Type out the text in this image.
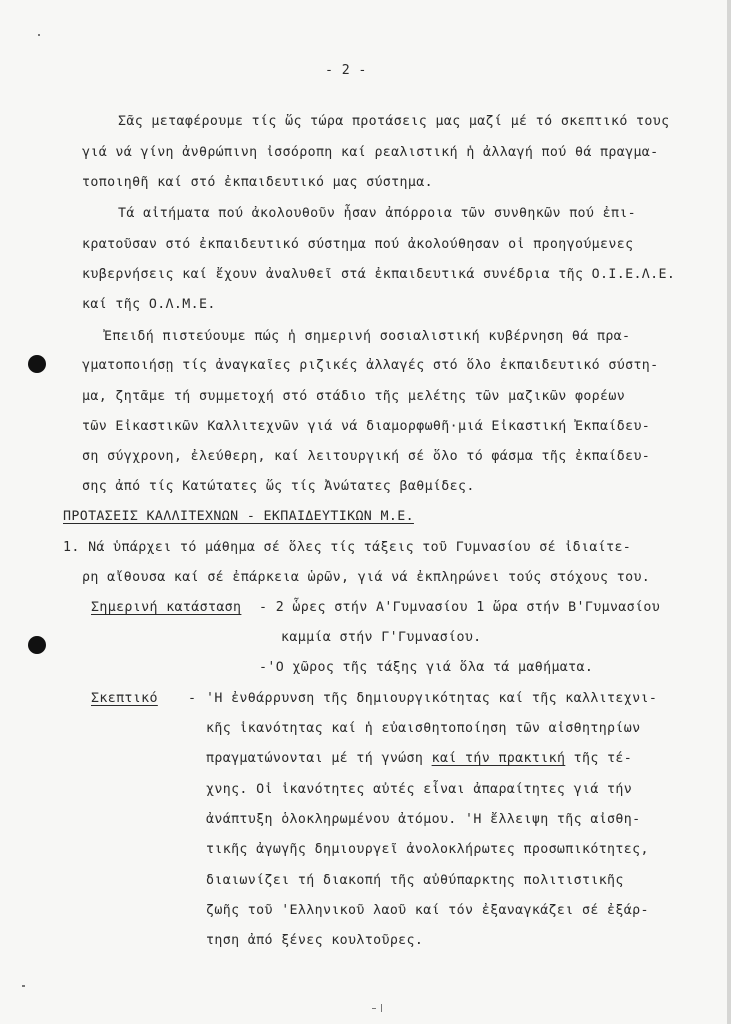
- 2 -
Σᾶς μεταφέρουμε τίς ὥς τώρα προτάσεις μας μαζί μέ τό σκεπτικό τους
γιά νά γίνη ἀνθρώπινη ἰσσόροπη καί ρεαλιστική ἡ ἀλλαγή πού θά πραγμα-
τοποιηθῆ καί στό ἐκπαιδευτικό μας σύστημα.
Τά αἰτήματα πού ἀκολουθοῦν ἦσαν ἀπόρροια τῶν συνθηκῶν πού ἐπι-
κρατοῦσαν στό ἐκπαιδευτικό σύστημα πού ἀκολούθησαν οἱ προηγούμενες
κυβερνήσεις καί ἔχουν ἀναλυθεῖ στά ἐκπαιδευτικά συνέδρια τῆς Ο.Ι.Ε.Λ.Ε.
καί τῆς Ο.Λ.Μ.Ε.
Ἐπειδή πιστεύουμε πώς ἡ σημερινή σοσιαλιστική κυβέρνηση θά πρα-
γματοποιήσῃ τίς ἀναγκαῖες ριζικές ἀλλαγές στό ὅλο ἐκπαιδευτικό σύστη-
μα, ζητᾶμε τή συμμετοχή στό στάδιο τῆς μελέτης τῶν μαζικῶν φορέων
τῶν Εἰκαστικῶν Καλλιτεχνῶν γιά νά διαμορφωθῆ·μιά Εἰκαστική Ἐκπαίδευ-
ση σύγχρονη, ἐλεύθερη, καί λειτουργική σέ ὅλο τό φάσμα τῆς ἐκπαίδευ-
σης ἀπό τίς Κατώτατες ὥς τίς Ἀνώτατες βαθμίδες.
ΠΡΟΤΑΣΕΙΣ ΚΑΛΛΙΤΕΧΝΩΝ - ΕΚΠΑΙΔΕΥΤΙΚΩΝ Μ.Ε.
1. Νά ὑπάρχει τό μάθημα σέ ὅλες τίς τάξεις τοῦ Γυμνασίου σέ ἰδιαίτε-
ρη αἴθουσα καί σέ ἐπάρκεια ὡρῶν, γιά νά ἐκπληρώνει τούς στόχους του.
Σημερινή κατάσταση - 2 ὧρες στήν Α'Γυμνασίου 1 ὥρα στήν Β'Γυμνασίου
καμμία στήν Γ'Γυμνασίου.
-'Ο χῶρος τῆς τάξης γιά ὅλα τά μαθήματα.
Σκεπτικό - 'Η ἐνθάρρυνση τῆς δημιουργικότητας καί τῆς καλλιτεχνι-
κῆς ἱκανότητας καί ἡ εὐαισθητοποίηση τῶν αἰσθητηρίων
πραγματώνονται μέ τή γνώση καί τήν πρακτική τῆς τέ-
χνης. Οἱ ἱκανότητες αὐτές εἶναι ἀπαραίτητες γιά τήν
ἀνάπτυξη ὁλοκληρωμένου ἀτόμου. 'Η ἔλλειψη τῆς αἰσθη-
τικῆς ἀγωγῆς δημιουργεῖ ἀνολοκλήρωτες προσωπικότητες,
διαιωνίζει τή διακοπή τῆς αὐθύπαρκτης πολιτιστικῆς
ζωῆς τοῦ 'Ελληνικοῦ λαοῦ καί τόν ἐξαναγκάζει σέ ἐξάρ-
τηση ἀπό ξένες κουλτοῦρες.
